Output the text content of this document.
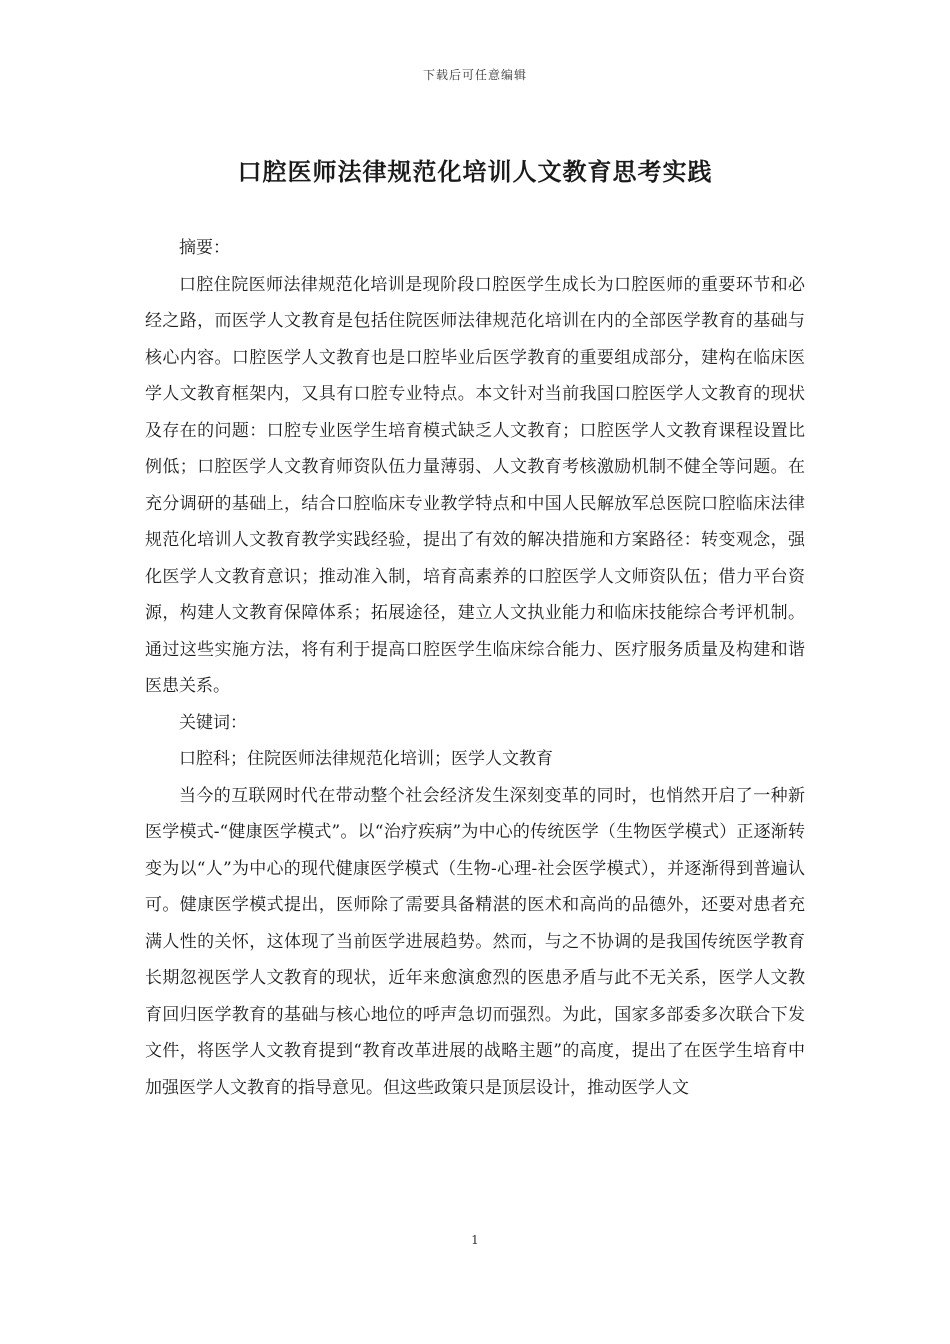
下载后可任意编辑
口腔医师法律规范化培训人文教育思考实践

摘要：

口腔住院医师法律规范化培训是现阶段口腔医学生成长为口腔医师的重要环节和必经之路，而医学人文教育是包括住院医师法律规范化培训在内的全部医学教育的基础与核心内容。口腔医学人文教育也是口腔毕业后医学教育的重要组成部分，建构在临床医学人文教育框架内，又具有口腔专业特点。本文针对当前我国口腔医学人文教育的现状及存在的问题：口腔专业医学生培育模式缺乏人文教育；口腔医学人文教育课程设置比例低；口腔医学人文教育师资队伍力量薄弱、人文教育考核激励机制不健全等问题。在充分调研的基础上，结合口腔临床专业教学特点和中国人民解放军总医院口腔临床法律规范化培训人文教育教学实践经验，提出了有效的解决措施和方案路径：转变观念，强化医学人文教育意识；推动准入制，培育高素养的口腔医学人文师资队伍；借力平台资源，构建人文教育保障体系；拓展途径，建立人文执业能力和临床技能综合考评机制。通过这些实施方法，将有利于提高口腔医学生临床综合能力、医疗服务质量及构建和谐医患关系。

关键词：

口腔科；住院医师法律规范化培训；医学人文教育

当今的互联网时代在带动整个社会经济发生深刻变革的同时，也悄然开启了一种新医学模式-“健康医学模式”。以“治疗疾病”为中心的传统医学（生物医学模式）正逐渐转变为以“人”为中心的现代健康医学模式（生物-心理-社会医学模式），并逐渐得到普遍认可。健康医学模式提出，医师除了需要具备精湛的医术和高尚的品德外，还要对患者充满人性的关怀，这体现了当前医学进展趋势。然而，与之不协调的是我国传统医学教育长期忽视医学人文教育的现状，近年来愈演愈烈的医患矛盾与此不无关系，医学人文教育回归医学教育的基础与核心地位的呼声急切而强烈。为此，国家多部委多次联合下发文件，将医学人文教育提到“教育改革进展的战略主题”的高度，提出了在医学生培育中加强医学人文教育的指导意见。但这些政策只是顶层设计，推动医学人文

1
